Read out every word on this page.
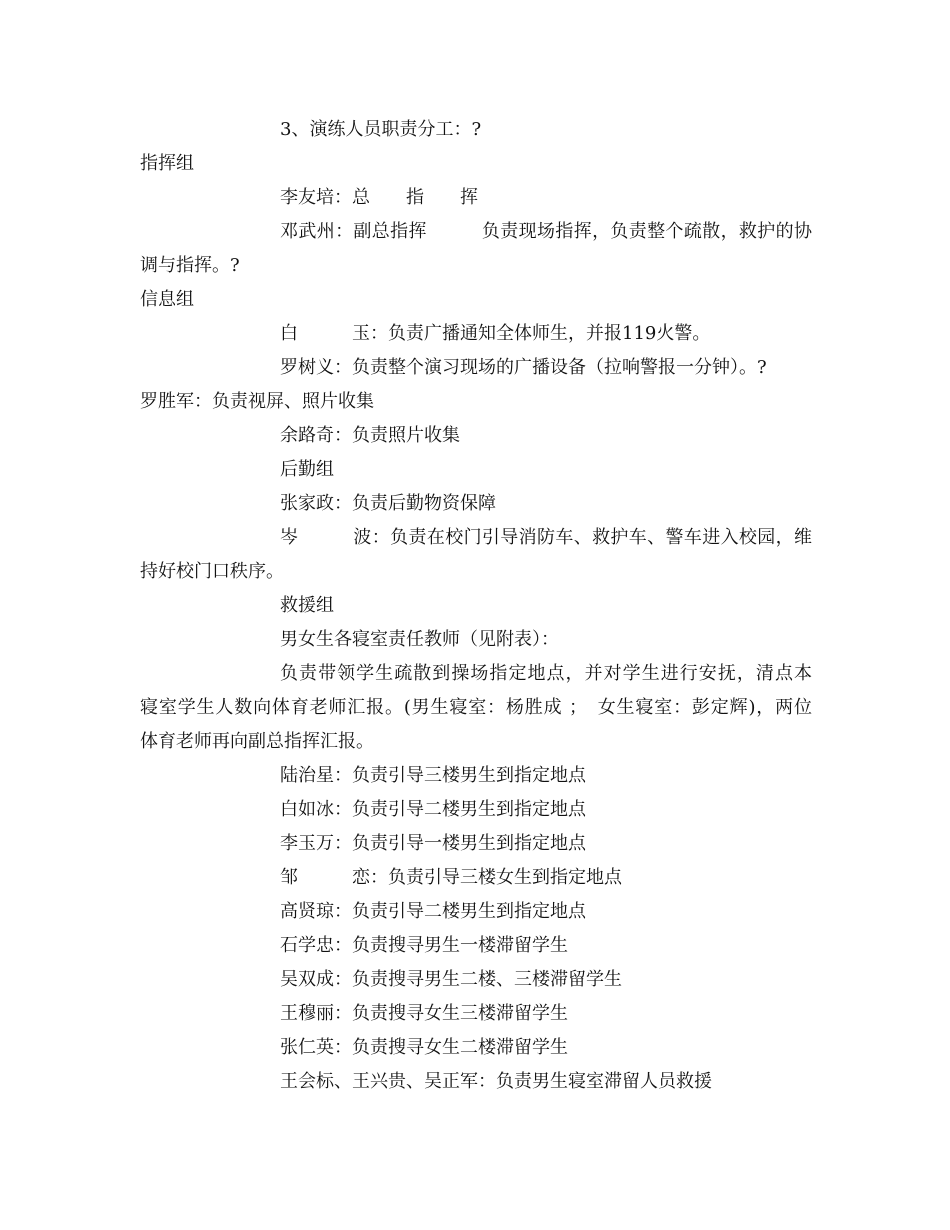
3、演练人员职责分工：?
指挥组
李友培：总　　指　　挥
邓武州：副总指挥　　　负责现场指挥，负责整个疏散，救护的协
调与指挥。?
信息组
白　　　玉：负责广播通知全体师生，并报119火警。
罗树义：负责整个演习现场的广播设备（拉响警报一分钟）。?
罗胜军：负责视屏、照片收集
余路奇：负责照片收集
后勤组
张家政：负责后勤物资保障
岑　　　波：负责在校门引导消防车、救护车、警车进入校园，维
持好校门口秩序。
救援组
男女生各寝室责任教师（见附表）：
负责带领学生疏散到操场指定地点，并对学生进行安抚，清点本
寝室学生人数向体育老师汇报。(男生寝室：杨胜成 ；　女生寝室：彭定辉)，两位
体育老师再向副总指挥汇报。
陆治星：负责引导三楼男生到指定地点
白如冰：负责引导二楼男生到指定地点
李玉万：负责引导一楼男生到指定地点
邹　　　恋：负责引导三楼女生到指定地点
高贤琼：负责引导二楼男生到指定地点
石学忠：负责搜寻男生一楼滞留学生
吴双成：负责搜寻男生二楼、三楼滞留学生
王穆丽：负责搜寻女生三楼滞留学生
张仁英：负责搜寻女生二楼滞留学生
王会标、王兴贵、吴正军：负责男生寝室滞留人员救援
